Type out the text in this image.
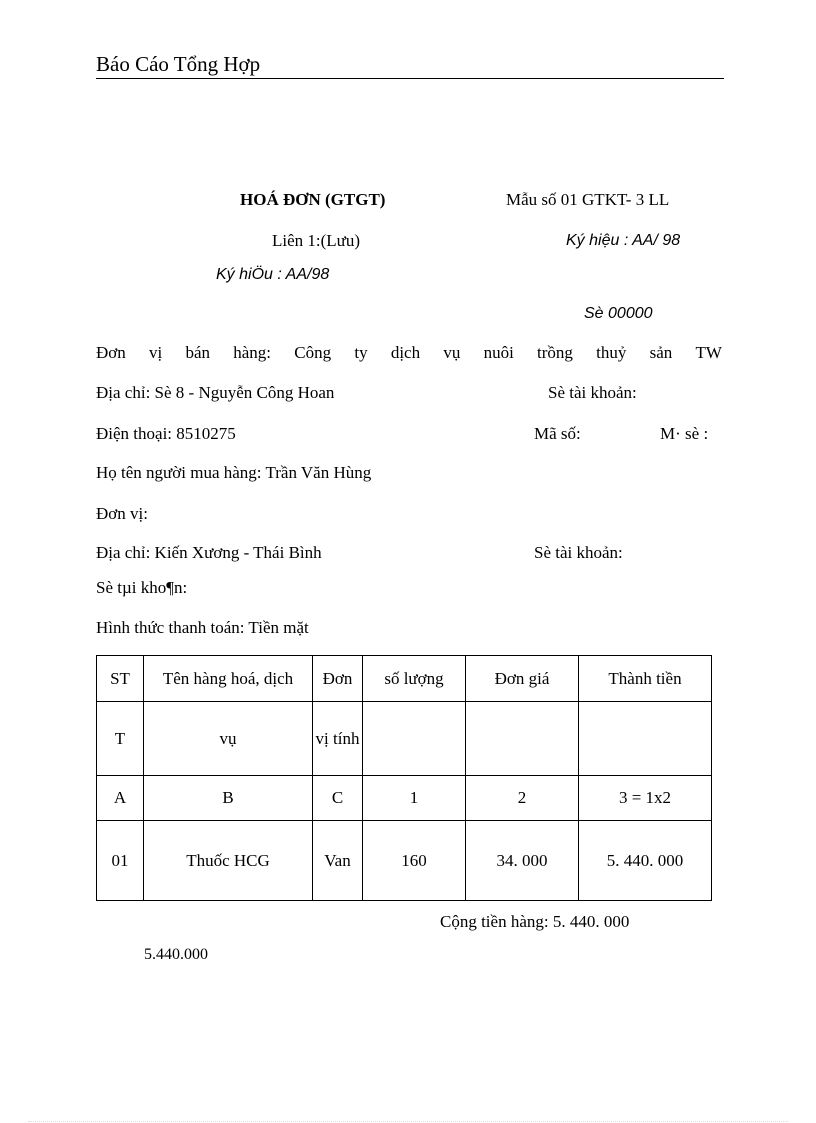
Báo Cáo Tổng Hợp
HOÁ ĐƠN (GTGT)	Mẫu số 01 GTKT- 3 LL
Liên 1:(Lưu)	Ký hiệu : AA/ 98
Ký hiÖu : AA/98
Sè 00000
Đơn vị bán hàng: Công ty dịch vụ nuôi trồng thuỷ sản TW
Địa chỉ: Sè 8 - Nguyễn Công Hoan	Sè tài khoản:
Điện thoại: 8510275	Mã số:	M· sè :
Họ tên người mua hàng: Trần Văn Hùng
Đơn vị:
Địa chỉ: Kiến Xương - Thái Bình	Sè tài khoản:
Sè tµi kho¶n:
Hình thức thanh toán: Tiền mặt
ST	Tên hàng hoá, dịch	Đơn	số lượng	Đơn giá	Thành tiền
T	vụ	vị tính			
A	B	C	1	2	3 = 1x2
01	Thuốc HCG	Van	160	34. 000	5. 440. 000
Cộng tiền hàng: 5. 440. 000
5.440.000
